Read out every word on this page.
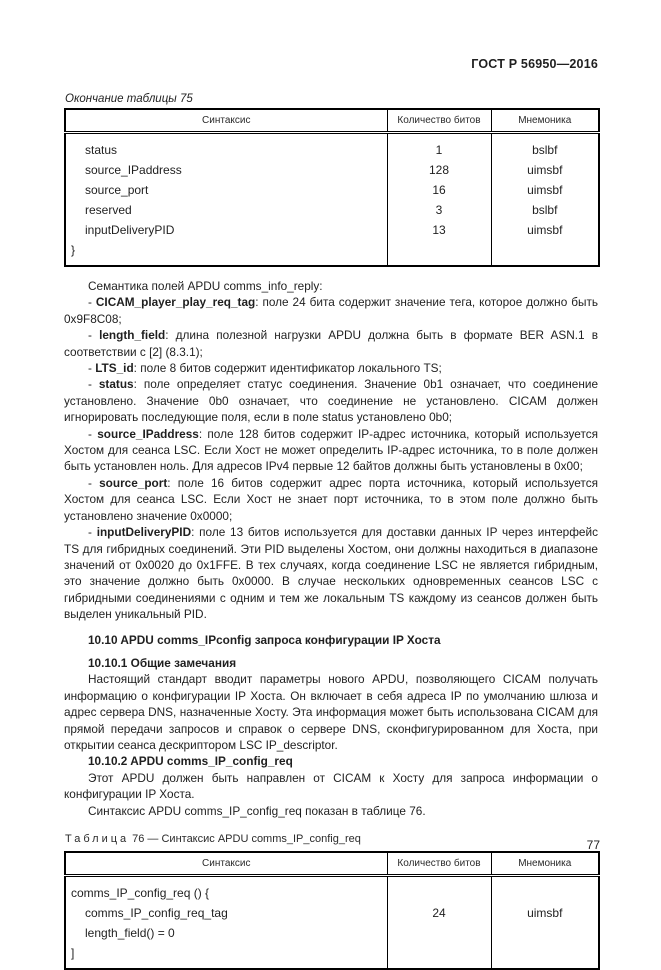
ГОСТ Р 56950—2016
Окончание таблицы 75
Синтаксис	Количество битов	Мнемоника

status	1	bslbf

source_IPaddress	128	uimsbf

source_port	16	uimsbf

reserved	3	bslbf

inputDeliveryPID	13	uimsbf

}		

Семантика полей APDU comms_info_reply:

- CICAM_player_play_req_tag: поле 24 бита содержит значение тега, которое должно быть 0x9F8C08;

- length_field: длина полезной нагрузки APDU должна быть в формате BER ASN.1 в соответствии с [2] (8.3.1);

- LTS_id: поле 8 битов содержит идентификатор локального TS;

- status: поле определяет статус соединения. Значение 0b1 означает, что соединение установлено. Значение 0b0 означает, что соединение не установлено. CICAM должен игнорировать последующие поля, если в поле status установлено 0b0;

- source_IPaddress: поле 128 битов содержит IP-адрес источника, который используется Хостом для сеанса LSC. Если Хост не может определить IP-адрес источника, то в поле должен быть установлен ноль. Для адресов IPv4 первые 12 байтов должны быть установлены в 0x00;

- source_port: поле 16 битов содержит адрес порта источника, который используется Хостом для сеанса LSC. Если Хост не знает порт источника, то в этом поле должно быть установлено значение 0x0000;

- inputDeliveryPID: поле 13 битов используется для доставки данных IP через интерфейс TS для гибридных соединений. Эти PID выделены Хостом, они должны находиться в диапазоне значений от 0x0020 до 0x1FFE. В тех случаях, когда соединение LSC не является гибридным, это значение должно быть 0x0000. В случае нескольких одновременных сеансов LSC с гибридными соединениями с одним и тем же локальным TS каждому из сеансов должен быть выделен уникальный PID.

10.10 APDU comms_IPconfig запроса конфигурации IP Хоста

10.10.1 Общие замечания

Настоящий стандарт вводит параметры нового APDU, позволяющего CICAM получать информацию о конфигурации IP Хоста. Он включает в себя адреса IP по умолчанию шлюза и адрес сервера DNS, назначенные Хосту. Эта информация может быть использована CICAM для прямой передачи запросов и справок о сервере DNS, сконфигурированном для Хоста, при открытии сеанса дескриптором LSC IP_descriptor.

10.10.2 APDU comms_IP_config_req

Этот APDU должен быть направлен от CICAM к Хосту для запроса информации о конфигурации IP Хоста.

Синтаксис APDU comms_IP_config_req показан в таблице 76.

Таблица 76 — Синтаксис APDU comms_IP_config_req
Синтаксис	Количество битов	Мнемоника

comms_IP_config_req () {		

comms_IP_config_req_tag	24	uimsbf

length_field() = 0		

]		

77
